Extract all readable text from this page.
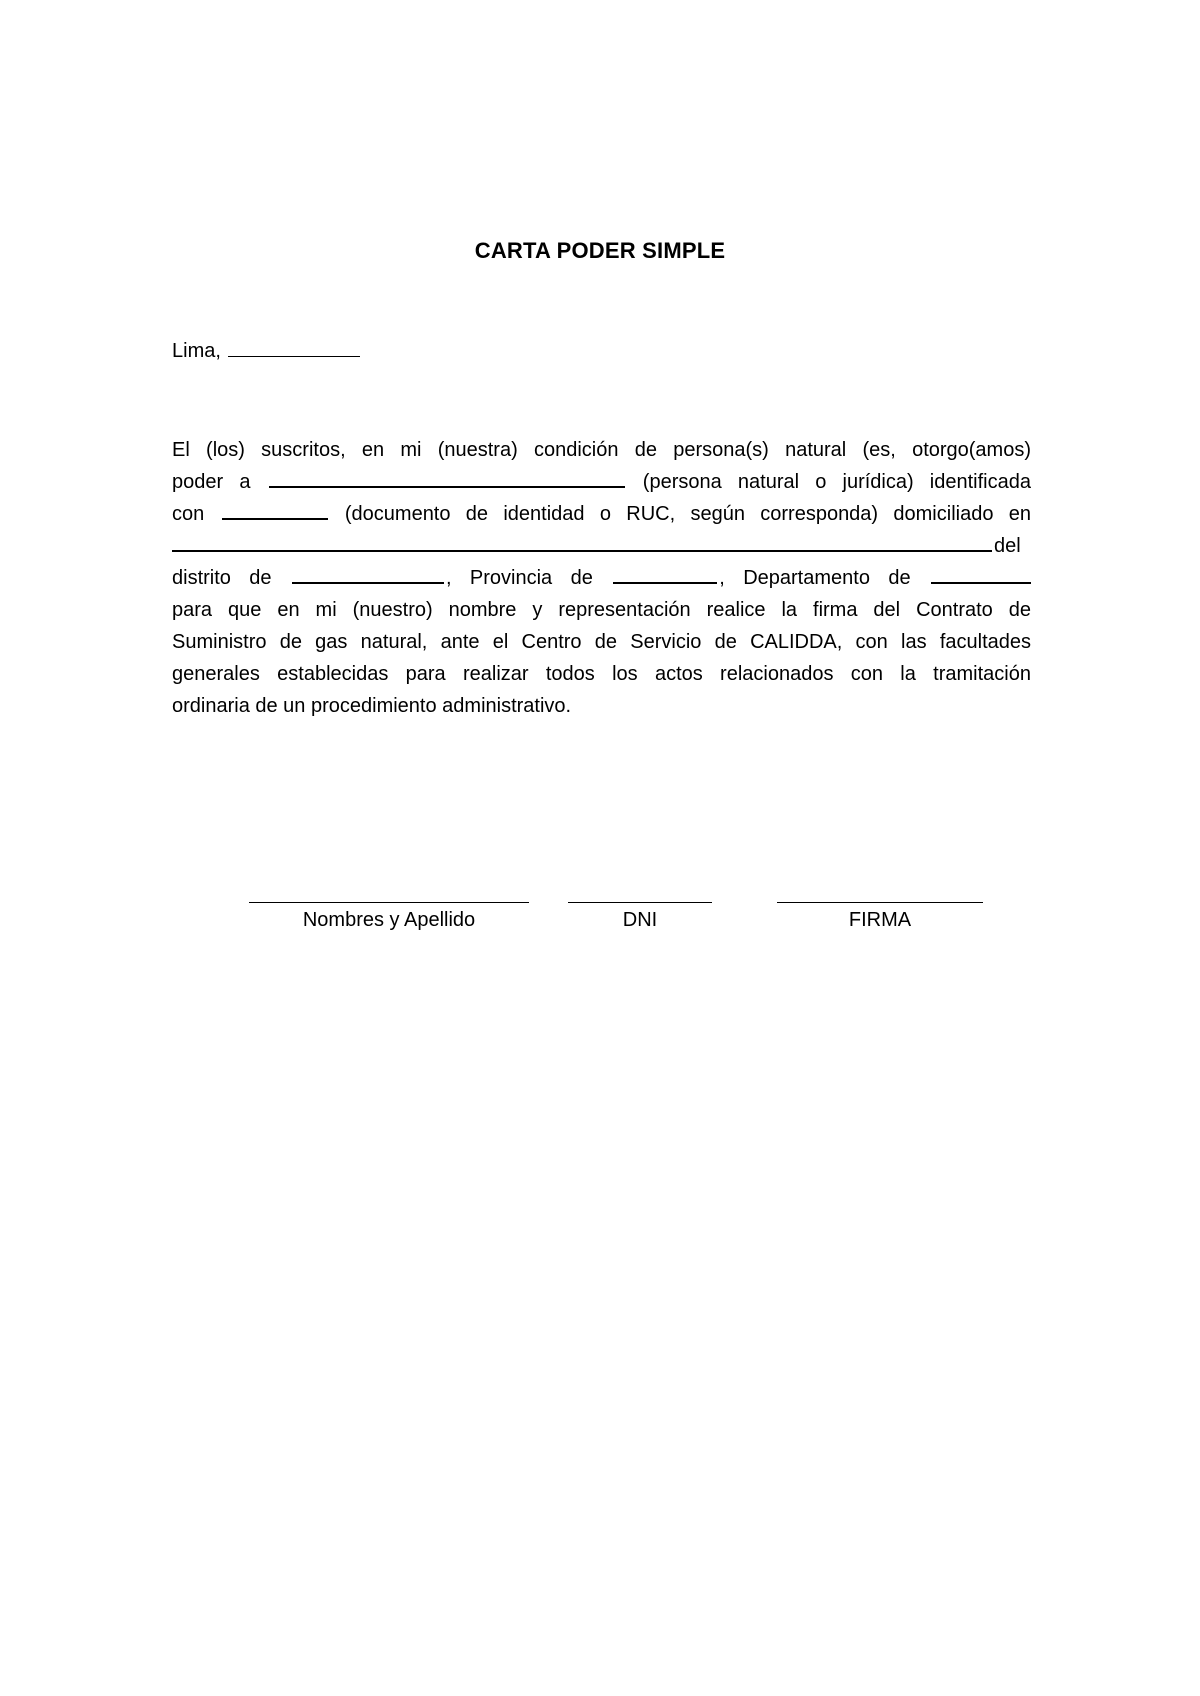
CARTA PODER SIMPLE
Lima,
El (los) suscritos, en mi (nuestra) condición de persona(s) natural (es, otorgo(amos)
poder a	(persona natural o jurídica) identificada
con	(documento de identidad o RUC, según corresponda) domiciliado en
del
distrito de	, Provincia de	, Departamento de
para que en mi (nuestro) nombre y representación realice la firma del Contrato de
Suministro de gas natural, ante el Centro de Servicio de CALIDDA, con las facultades
generales establecidas para realizar todos los actos relacionados con la tramitación
ordinaria de un procedimiento administrativo.
Nombres y Apellido	DNI	FIRMA
